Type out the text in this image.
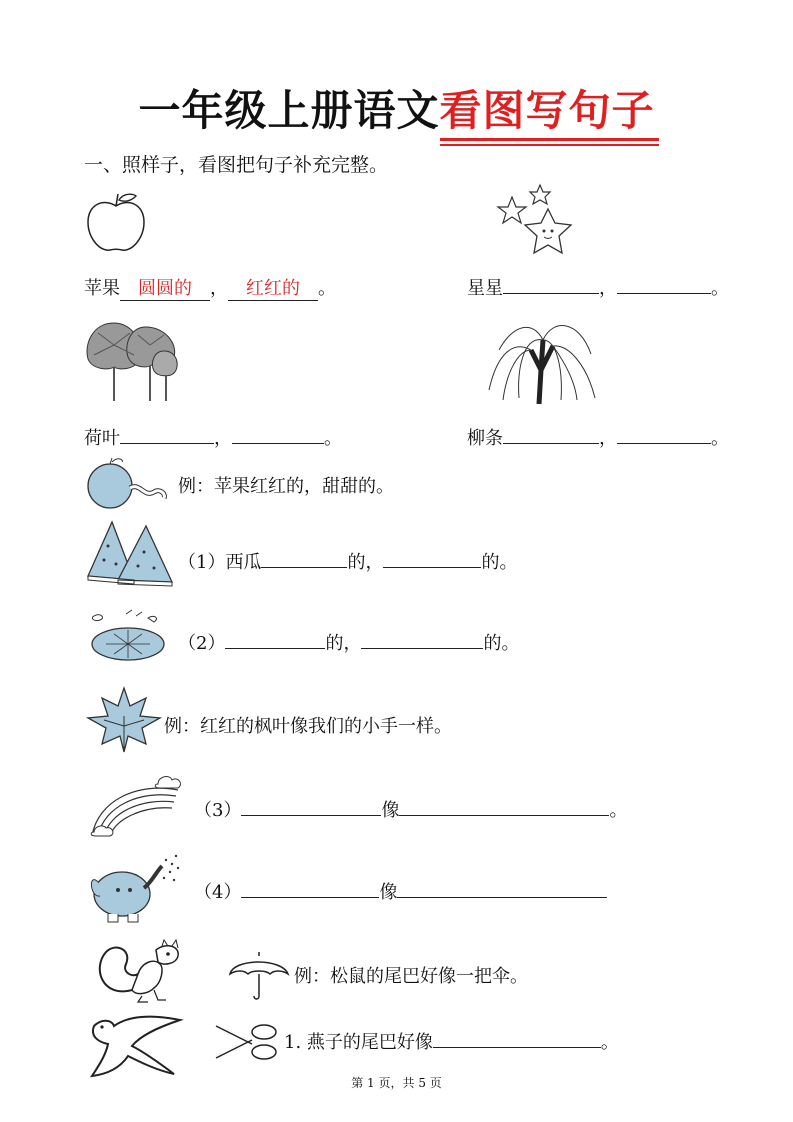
一年级上册语文看图写句子
一、照样子，看图把句子补充完整。
苹果 圆圆的 ， 红红的 。	星星	，	。
荷叶	，	。	柳条	，	。
例：苹果红红的，甜甜的。
（1）西瓜	的，	的。
（2）	的，	的。
例：红红的枫叶像我们的小手一样。
（3）	像	。
（4）	像
例：松鼠的尾巴好像一把伞。
1. 燕子的尾巴好像	。
第 1 页，共 5 页
